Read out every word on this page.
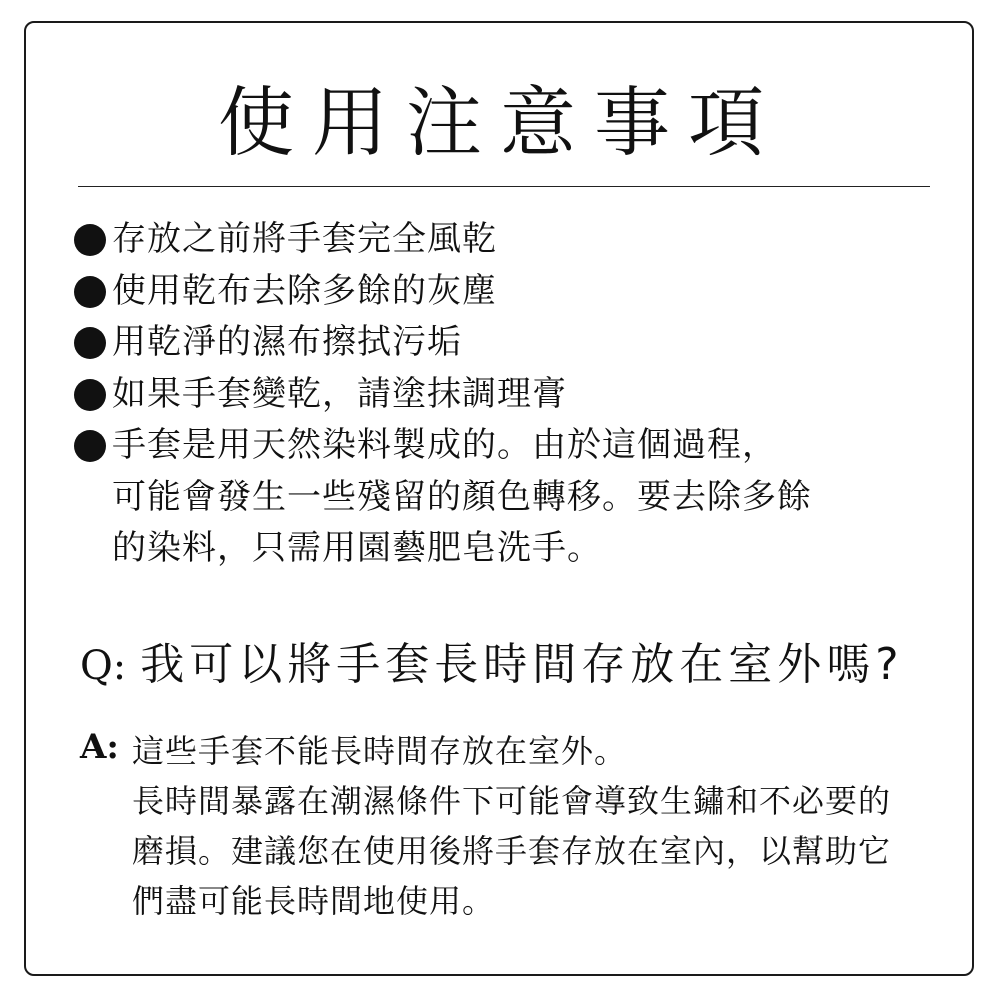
使用注意事項
存放之前將手套完全風乾
使用乾布去除多餘的灰塵
用乾淨的濕布擦拭污垢
如果手套變乾，請塗抹調理膏
手套是用天然染料製成的。由於這個過程，
可能會發生一些殘留的顏色轉移。要去除多餘
的染料，只需用園藝肥皂洗手。
Q: 我可以將手套長時間存放在室外嗎?
A: 這些手套不能長時間存放在室外。
長時間暴露在潮濕條件下可能會導致生鏽和不必要的
磨損。建議您在使用後將手套存放在室內，以幫助它
們盡可能長時間地使用。
